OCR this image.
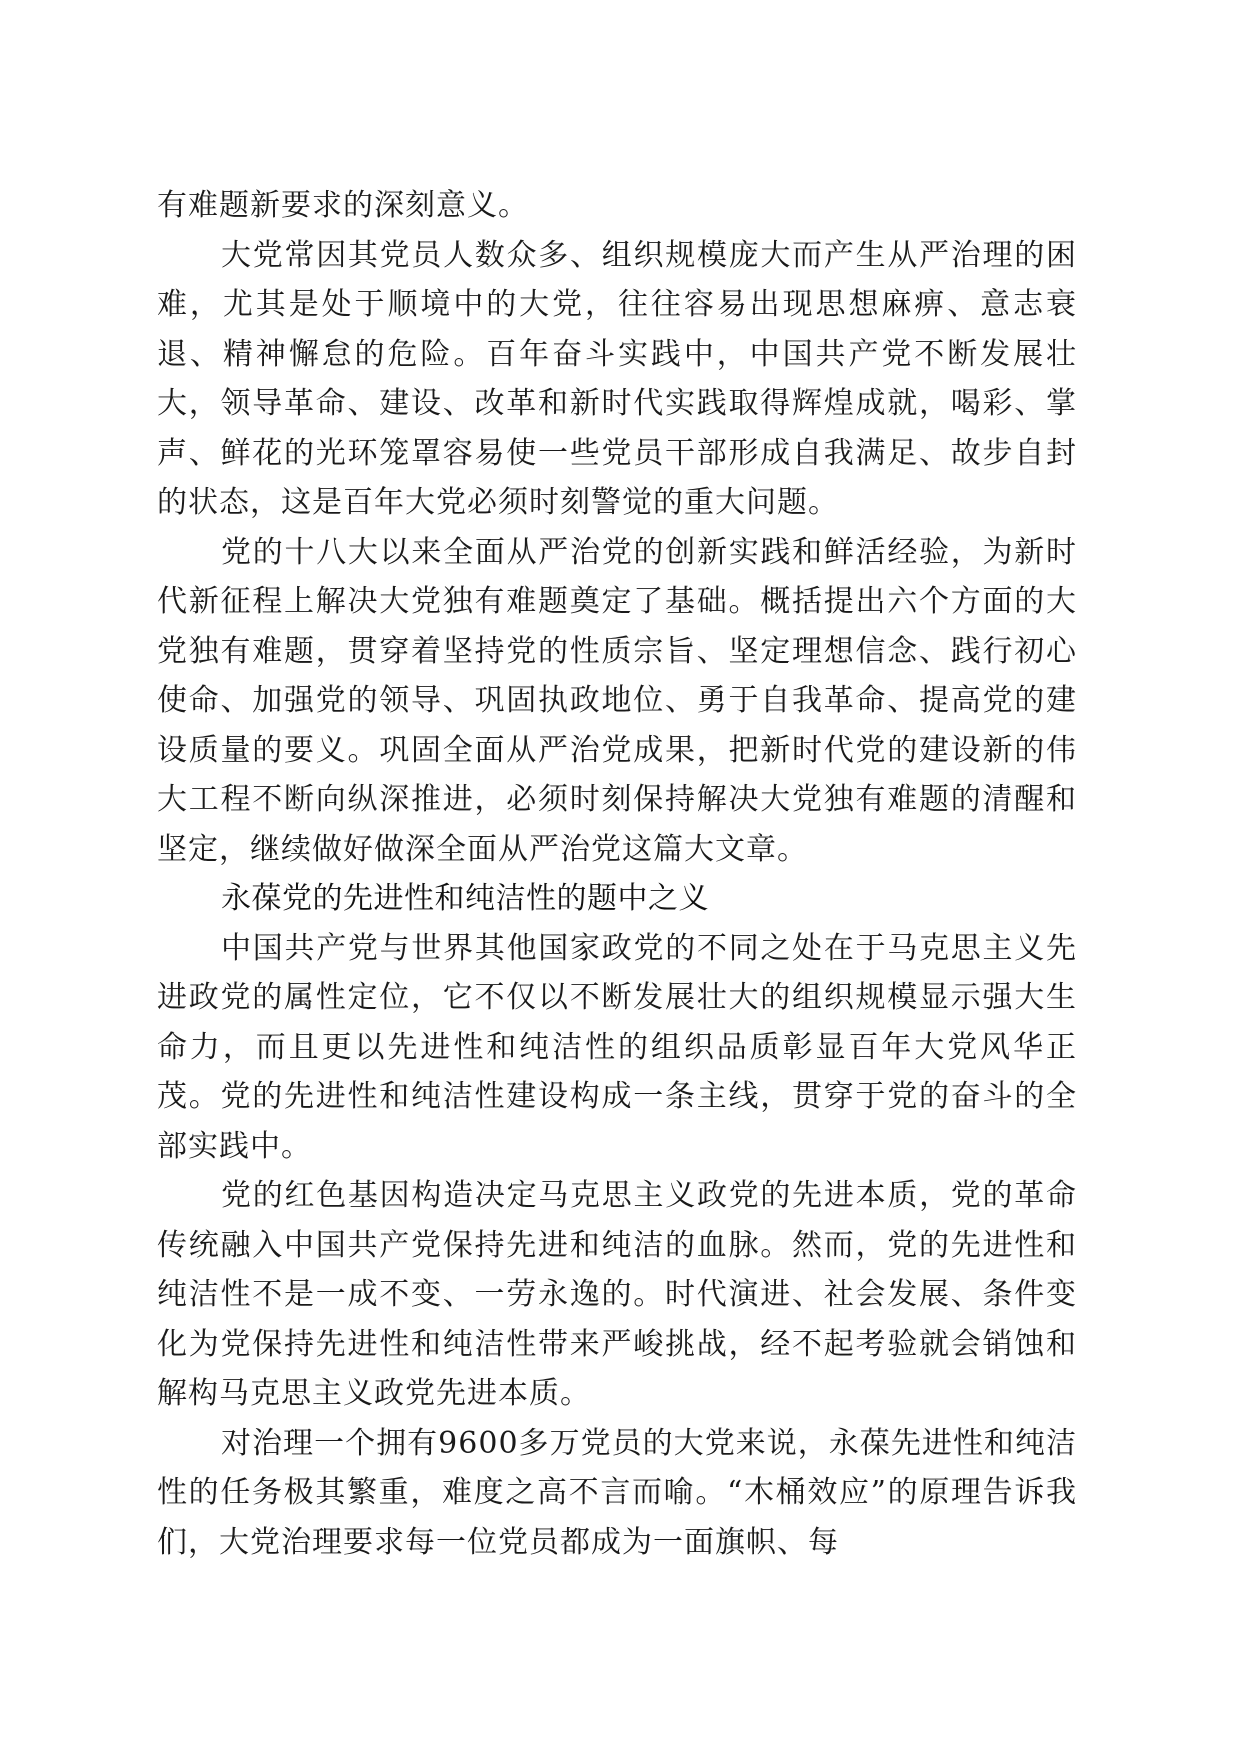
有难题新要求的深刻意义。

大党常因其党员人数众多、组织规模庞大而产生从严治理的困难，尤其是处于顺境中的大党，往往容易出现思想麻痹、意志衰退、精神懈怠的危险。百年奋斗实践中，中国共产党不断发展壮大，领导革命、建设、改革和新时代实践取得辉煌成就，喝彩、掌声、鲜花的光环笼罩容易使一些党员干部形成自我满足、故步自封的状态，这是百年大党必须时刻警觉的重大问题。

党的十八大以来全面从严治党的创新实践和鲜活经验，为新时代新征程上解决大党独有难题奠定了基础。概括提出六个方面的大党独有难题，贯穿着坚持党的性质宗旨、坚定理想信念、践行初心使命、加强党的领导、巩固执政地位、勇于自我革命、提高党的建设质量的要义。巩固全面从严治党成果，把新时代党的建设新的伟大工程不断向纵深推进，必须时刻保持解决大党独有难题的清醒和坚定，继续做好做深全面从严治党这篇大文章。

永葆党的先进性和纯洁性的题中之义

中国共产党与世界其他国家政党的不同之处在于马克思主义先进政党的属性定位，它不仅以不断发展壮大的组织规模显示强大生命力，而且更以先进性和纯洁性的组织品质彰显百年大党风华正茂。党的先进性和纯洁性建设构成一条主线，贯穿于党的奋斗的全部实践中。

党的红色基因构造决定马克思主义政党的先进本质，党的革命传统融入中国共产党保持先进和纯洁的血脉。然而，党的先进性和纯洁性不是一成不变、一劳永逸的。时代演进、社会发展、条件变化为党保持先进性和纯洁性带来严峻挑战，经不起考验就会销蚀和解构马克思主义政党先进本质。

对治理一个拥有9600多万党员的大党来说，永葆先进性和纯洁性的任务极其繁重，难度之高不言而喻。“木桶效应”的原理告诉我们，大党治理要求每一位党员都成为一面旗帜、每
